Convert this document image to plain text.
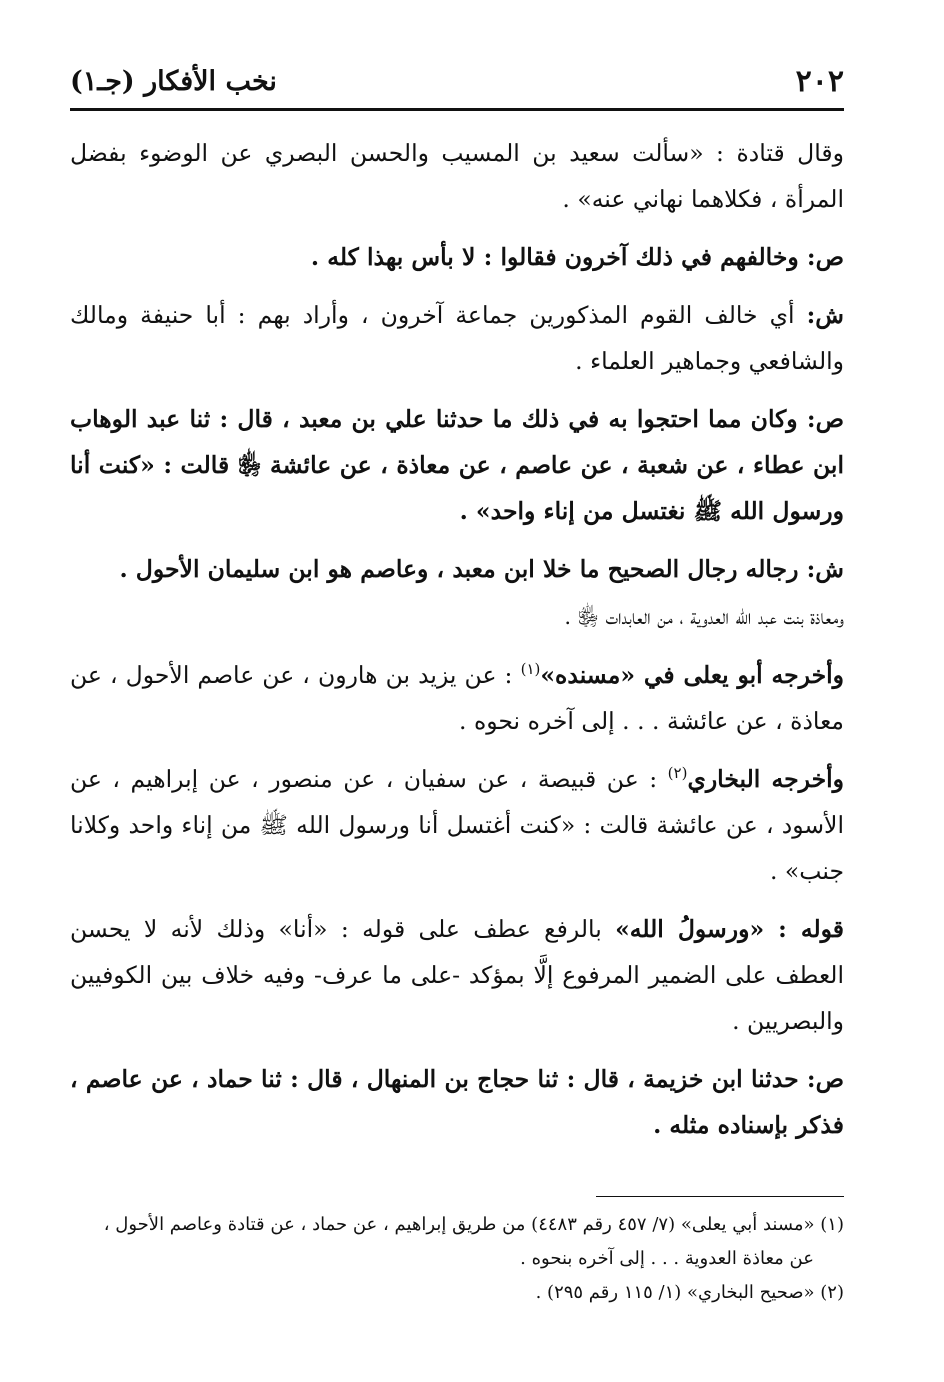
٢٠٢
نخب الأفكار (جـ١)

وقال قتادة : «سألت سعيد بن المسيب والحسن البصري عن الوضوء بفضل المرأة ، فكلاهما نهاني عنه» .

ص: وخالفهم في ذلك آخرون فقالوا : لا بأس بهذا كله .

ش: أي خالف القوم المذكورين جماعة آخرون ، وأراد بهم : أبا حنيفة ومالك والشافعي وجماهير العلماء .

ص: وكان مما احتجوا به في ذلك ما حدثنا علي بن معبد ، قال : ثنا عبد الوهاب ابن عطاء ، عن شعبة ، عن عاصم ، عن معاذة ، عن عائشة ﵂ قالت : «كنت أنا ورسول الله ﷺ نغتسل من إناء واحد» .

ش: رجاله رجال الصحيح ما خلا ابن معبد ، وعاصم هو ابن سليمان الأحول .

ومعاذة بنت عبد الله العدوية ، من العابدات ﵂ .

وأخرجه أبو يعلى في «مسنده»$^{(١)}$ : عن يزيد بن هارون ، عن عاصم الأحول ، عن معاذة ، عن عائشة . . . إلى آخره نحوه .

وأخرجه البخاري$^{(٢)}$ : عن قبيصة ، عن سفيان ، عن منصور ، عن إبراهيم ، عن الأسود ، عن عائشة قالت : «كنت أغتسل أنا ورسول الله ﷺ من إناء واحد وكلانا جنب» .

قوله : «ورسولُ الله» بالرفع عطف على قوله : «أنا» وذلك لأنه لا يحسن العطف على الضمير المرفوع إلَّا بمؤكد -على ما عرف- وفيه خلاف بين الكوفيين والبصريين .

ص: حدثنا ابن خزيمة ، قال : ثنا حجاج بن المنهال ، قال : ثنا حماد ، عن عاصم ، فذكر بإسناده مثله .

(١) «مسند أبي يعلى» (٧/ ٤٥٧ رقم ٤٤٨٣) من طريق إبراهيم ، عن حماد ، عن قتادة وعاصم الأحول ،
عن معاذة العدوية . . . إلى آخره بنحوه .

(٢) «صحيح البخاري» (١/ ١١٥ رقم ٢٩٥) .
